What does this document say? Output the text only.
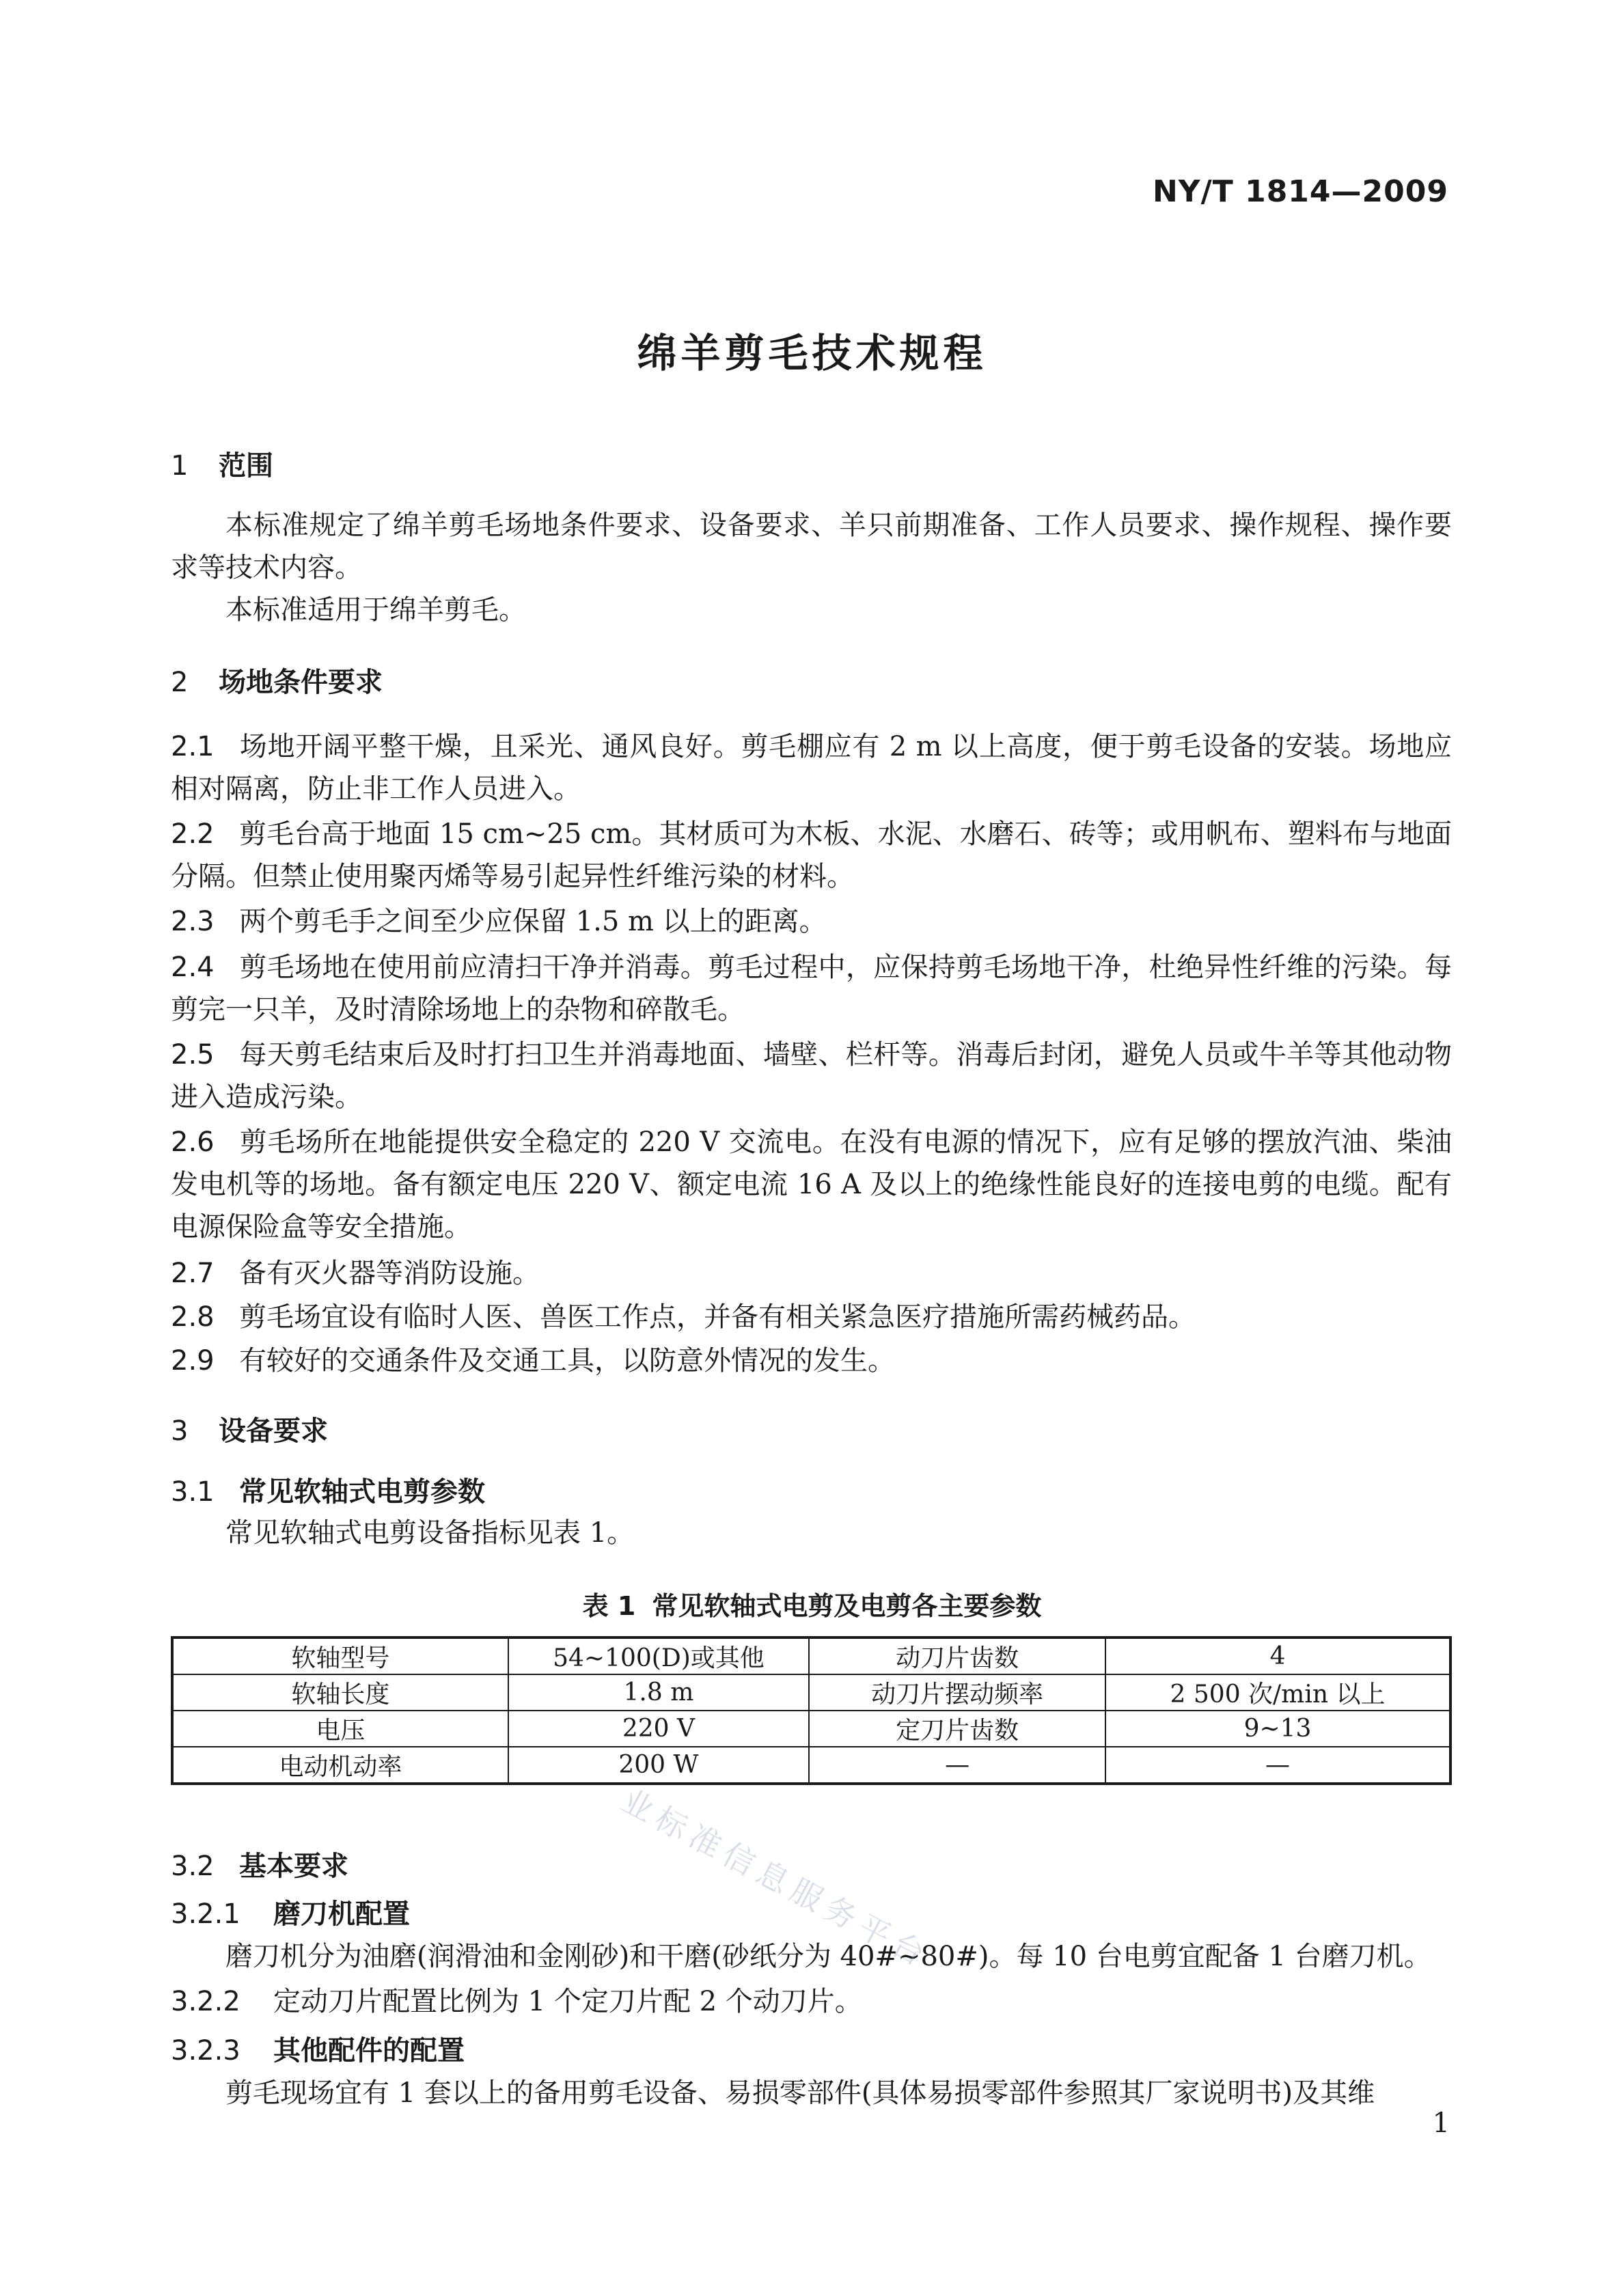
NY/T 1814—2009
绵羊剪毛技术规程
1 范围
本标准规定了绵羊剪毛场地条件要求、设备要求、羊只前期准备、工作人员要求、操作规程、操作要求等技术内容。
本标准适用于绵羊剪毛。
2 场地条件要求
2.1 场地开阔平整干燥，且采光、通风良好。剪毛棚应有 2 m 以上高度，便于剪毛设备的安装。场地应相对隔离，防止非工作人员进入。
2.2 剪毛台高于地面 15 cm~25 cm。其材质可为木板、水泥、水磨石、砖等；或用帆布、塑料布与地面分隔。但禁止使用聚丙烯等易引起异性纤维污染的材料。
2.3 两个剪毛手之间至少应保留 1.5 m 以上的距离。
2.4 剪毛场地在使用前应清扫干净并消毒。剪毛过程中，应保持剪毛场地干净，杜绝异性纤维的污染。每剪完一只羊，及时清除场地上的杂物和碎散毛。
2.5 每天剪毛结束后及时打扫卫生并消毒地面、墙壁、栏杆等。消毒后封闭，避免人员或牛羊等其他动物进入造成污染。
2.6 剪毛场所在地能提供安全稳定的 220 V 交流电。在没有电源的情况下，应有足够的摆放汽油、柴油发电机等的场地。备有额定电压 220 V、额定电流 16 A 及以上的绝缘性能良好的连接电剪的电缆。配有电源保险盒等安全措施。
2.7 备有灭火器等消防设施。
2.8 剪毛场宜设有临时人医、兽医工作点，并备有相关紧急医疗措施所需药械药品。
2.9 有较好的交通条件及交通工具，以防意外情况的发生。
3 设备要求
3.1 常见软轴式电剪参数
常见软轴式电剪设备指标见表 1。
表 1 常见软轴式电剪及电剪各主要参数
软轴型号	54~100(D)或其他	动刀片齿数	4
软轴长度	1.8 m	动刀片摆动频率	2 500 次/min 以上
电压	220 V	定刀片齿数	9~13
电动机动率	200 W	—	—
3.2 基本要求
3.2.1 磨刀机配置
磨刀机分为油磨(润滑油和金刚砂)和干磨(砂纸分为 40#~80#)。每 10 台电剪宜配备 1 台磨刀机。
3.2.2 定动刀片配置比例为 1 个定刀片配 2 个动刀片。
3.2.3 其他配件的配置
剪毛现场宜有 1 套以上的备用剪毛设备、易损零部件(具体易损零部件参照其厂家说明书)及其维
业标准信息服务平台
1
